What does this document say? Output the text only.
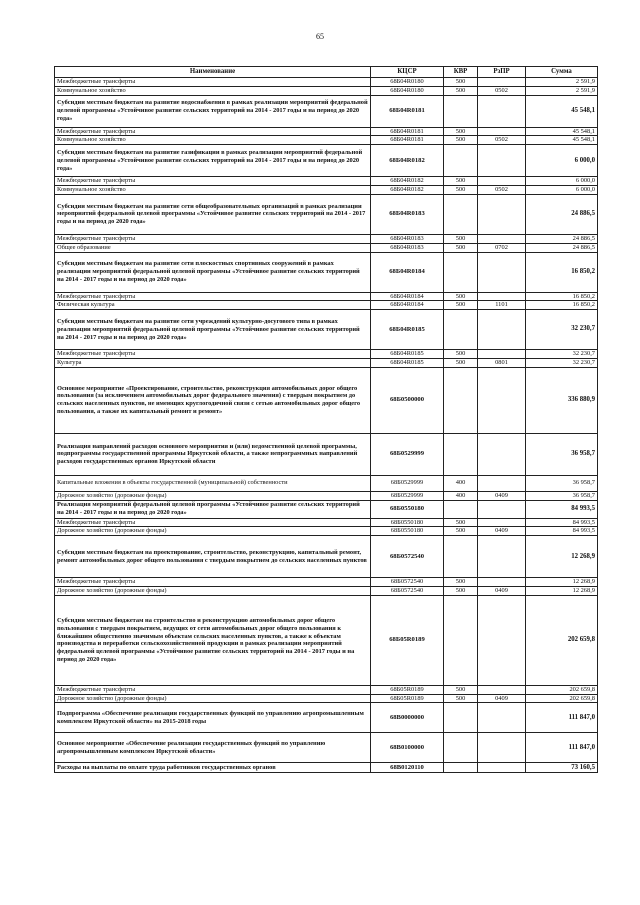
65
Наименование	КЦСР	КВР	РзПР	Сумма
Межбюджетные трансферты	68Б04R0180	500		2 591,9
Коммунальное хозяйство	68Б04R0180	500	0502	2 591,9
Субсидии местным бюджетам на развитие водоснабжения в рамках реализации мероприятий федеральной целевой программы «Устойчивое развитие сельских территорий на 2014 - 2017 годы и на период до 2020 года»	68Б04R0181			45 548,1
Межбюджетные трансферты	68Б04R0181	500		45 548,1
Коммунальное хозяйство	68Б04R0181	500	0502	45 548,1
Субсидии местным бюджетам на развитие газификации в рамках реализации мероприятий федеральной целевой программы «Устойчивое развитие сельских территорий на 2014 - 2017 годы и на период до 2020 года»	68Б04R0182			6 000,0
Межбюджетные трансферты	68Б04R0182	500		6 000,0
Коммунальное хозяйство	68Б04R0182	500	0502	6 000,0
Субсидии местным бюджетам на развитие сети общеобразовательных организаций в рамках реализации мероприятий федеральной целевой программы «Устойчивое развитие сельских территорий на 2014 - 2017 годы и на период до 2020 года»	68Б04R0183			24 886,5
Межбюджетные трансферты	68Б04R0183	500		24 886,5
Общее образование	68Б04R0183	500	0702	24 886,5
Субсидии местным бюджетам на развитие сети плоскостных спортивных сооружений в рамках реализации мероприятий федеральной целевой программы «Устойчивое развитие сельских территорий на 2014 - 2017 годы и на период до 2020 года»	68Б04R0184			16 850,2
Межбюджетные трансферты	68Б04R0184	500		16 850,2
Физическая культура	68Б04R0184	500	1101	16 850,2
Субсидии местным бюджетам на развитие сети учреждений культурно-досугового типа в рамках реализации мероприятий федеральной целевой программы «Устойчивое развитие сельских территорий на 2014 - 2017 годы и на период до 2020 года»	68Б04R0185			32 230,7
Межбюджетные трансферты	68Б04R0185	500		32 230,7
Культура	68Б04R0185	500	0801	32 230,7
Основное мероприятие «Проектирование, строительство, реконструкция автомобильных дорог общего пользования (за исключением автомобильных дорог федерального значения) с твердым покрытием до сельских населенных пунктов, не имеющих круглогодичной связи с сетью автомобильных дорог общего пользования, а также их капитальный ремонт и ремонт»	68Б0500000			336 880,9
Реализация направлений расходов основного мероприятия и (или) ведомственной целевой программы, подпрограммы государственной программы Иркутской области, а также непрограммных направлений расходов государственных органов Иркутской области	68Б0529999			36 958,7
Капитальные вложения в объекты государственной (муниципальной) собственности	68Б0529999	400		36 958,7
Дорожное хозяйство (дорожные фонды)	68Б0529999	400	0409	36 958,7
Реализация мероприятий федеральной целевой программы «Устойчивое развитие сельских территорий на 2014 - 2017 годы и на период до 2020 года»	68Б0550180			84 993,5
Межбюджетные трансферты	68Б0550180	500		84 993,5
Дорожное хозяйство (дорожные фонды)	68Б0550180	500	0409	84 993,5
Субсидии местным бюджетам на проектирование, строительство, реконструкцию, капитальный ремонт, ремонт автомобильных дорог общего пользования с твердым покрытием до сельских населенных пунктов	68Б0572540			12 268,9
Межбюджетные трансферты	68Б0572540	500		12 268,9
Дорожное хозяйство (дорожные фонды)	68Б0572540	500	0409	12 268,9
Субсидии местным бюджетам на строительство и реконструкцию автомобильных дорог общего пользования с твердым покрытием, ведущих от сети автомобильных дорог общего пользования к ближайшим общественно значимым объектам сельских населенных пунктов, а также к объектам производства и переработки сельскохозяйственной продукции в рамках реализации мероприятий федеральной целевой программы «Устойчивое развитие сельских территорий на 2014 - 2017 годы и на период до 2020 года»	68Б05R0189			202 659,8
Межбюджетные трансферты	68Б05R0189	500		202 659,8
Дорожное хозяйство (дорожные фонды)	68Б05R0189	500	0409	202 659,8
Подпрограмма «Обеспечение реализации государственных функций по управлению агропромышленным комплексом Иркутской области» на 2015-2018 годы	68В0000000			111 847,0
Основное мероприятие «Обеспечение реализации государственных функций по управлению агропромышленным комплексом Иркутской области»	68В0100000			111 847,0
Расходы на выплаты по оплате труда работников государственных органов	68В0120110			73 160,5
